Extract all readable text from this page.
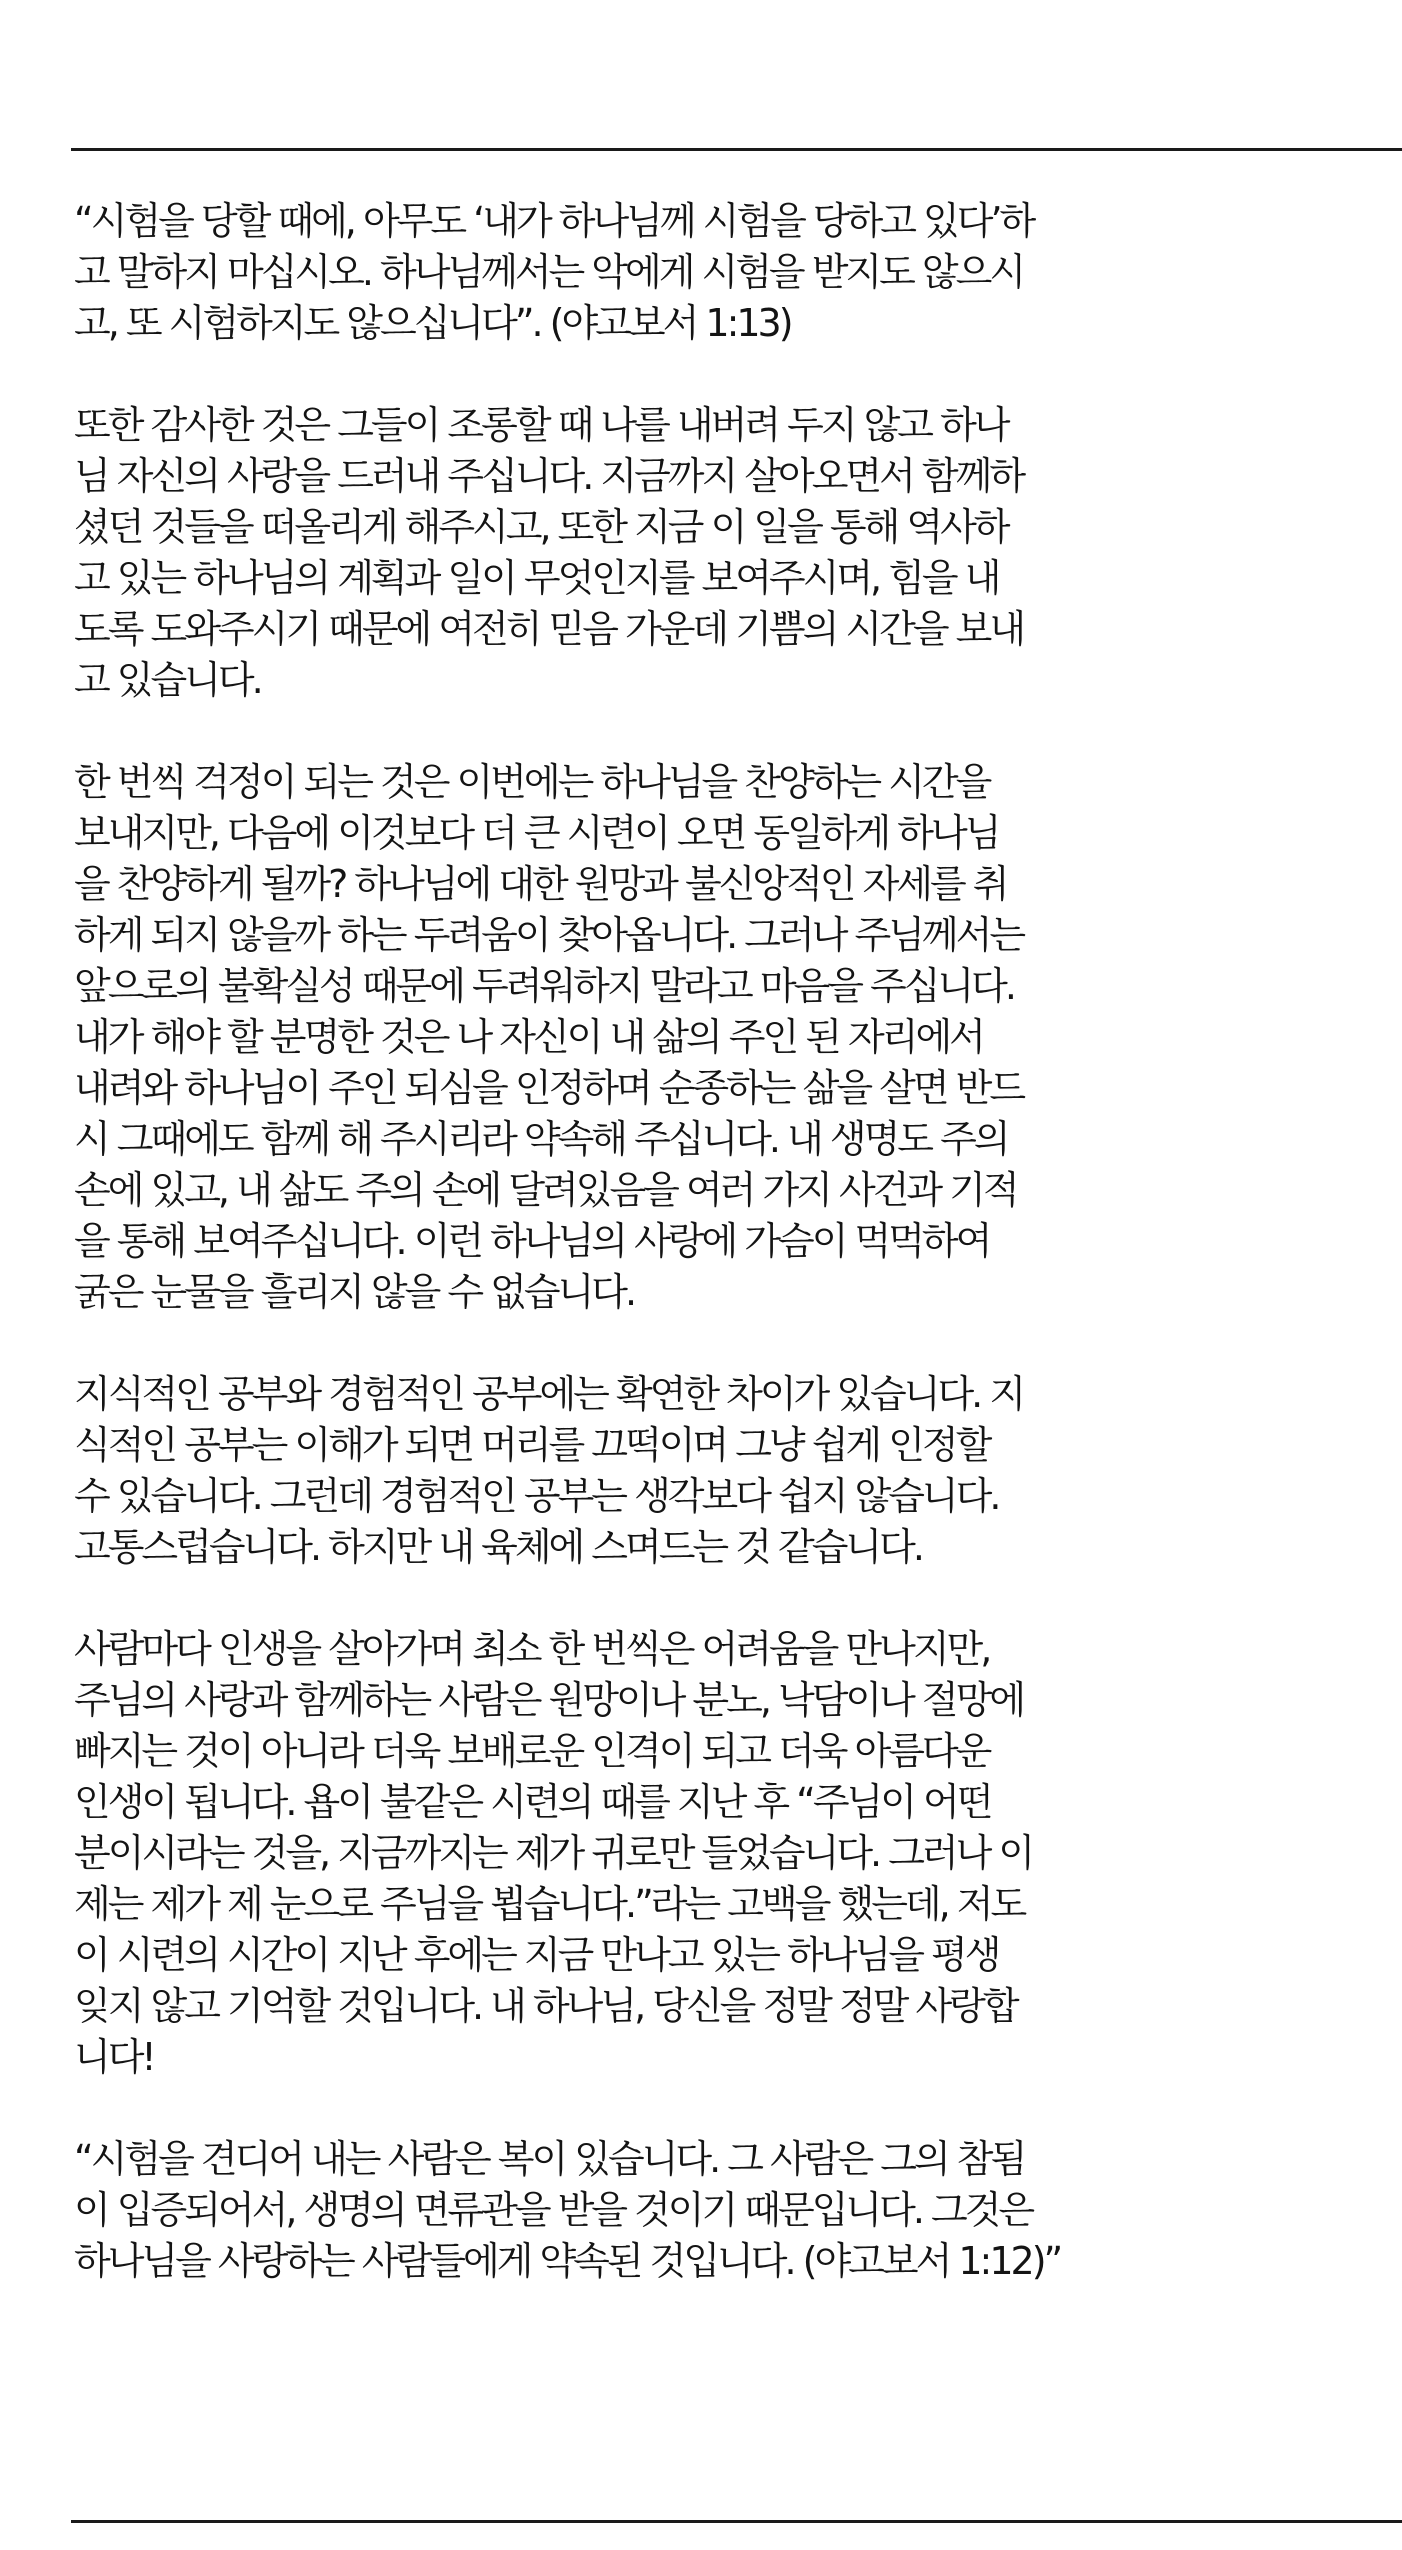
“시험을 당할 때에, 아무도 ‘내가 하나님께 시험을 당하고 있다’하
고 말하지 마십시오. 하나님께서는 악에게 시험을 받지도 않으시
고, 또 시험하지도 않으십니다”. (야고보서 1:13)

또한 감사한 것은 그들이 조롱할 때 나를 내버려 두지 않고 하나
님 자신의 사랑을 드러내 주십니다. 지금까지 살아오면서 함께하
셨던 것들을 떠올리게 해주시고, 또한 지금 이 일을 통해 역사하
고 있는 하나님의 계획과 일이 무엇인지를 보여주시며, 힘을 내
도록 도와주시기 때문에 여전히 믿음 가운데 기쁨의 시간을 보내
고 있습니다.

한 번씩 걱정이 되는 것은 이번에는 하나님을 찬양하는 시간을
보내지만, 다음에 이것보다 더 큰 시련이 오면 동일하게 하나님
을 찬양하게 될까? 하나님에 대한 원망과 불신앙적인 자세를 취
하게 되지 않을까 하는 두려움이 찾아옵니다. 그러나 주님께서는
앞으로의 불확실성 때문에 두려워하지 말라고 마음을 주십니다.
내가 해야 할 분명한 것은 나 자신이 내 삶의 주인 된 자리에서
내려와 하나님이 주인 되심을 인정하며 순종하는 삶을 살면 반드
시 그때에도 함께 해 주시리라 약속해 주십니다. 내 생명도 주의
손에 있고, 내 삶도 주의 손에 달려있음을 여러 가지 사건과 기적
을 통해 보여주십니다. 이런 하나님의 사랑에 가슴이 먹먹하여
굵은 눈물을 흘리지 않을 수 없습니다.

지식적인 공부와 경험적인 공부에는 확연한 차이가 있습니다. 지
식적인 공부는 이해가 되면 머리를 끄떡이며 그냥 쉽게 인정할
수 있습니다. 그런데 경험적인 공부는 생각보다 쉽지 않습니다.
고통스럽습니다. 하지만 내 육체에 스며드는 것 같습니다.

사람마다 인생을 살아가며 최소 한 번씩은 어려움을 만나지만,
주님의 사랑과 함께하는 사람은 원망이나 분노, 낙담이나 절망에
빠지는 것이 아니라 더욱 보배로운 인격이 되고 더욱 아름다운
인생이 됩니다. 욥이 불같은 시련의 때를 지난 후 “주님이 어떤
분이시라는 것을, 지금까지는 제가 귀로만 들었습니다. 그러나 이
제는 제가 제 눈으로 주님을 뵙습니다.”라는 고백을 했는데, 저도
이 시련의 시간이 지난 후에는 지금 만나고 있는 하나님을 평생
잊지 않고 기억할 것입니다. 내 하나님, 당신을 정말 정말 사랑합
니다!

“시험을 견디어 내는 사람은 복이 있습니다. 그 사람은 그의 참됨
이 입증되어서, 생명의 면류관을 받을 것이기 때문입니다. 그것은
하나님을 사랑하는 사람들에게 약속된 것입니다. (야고보서 1:12)”
